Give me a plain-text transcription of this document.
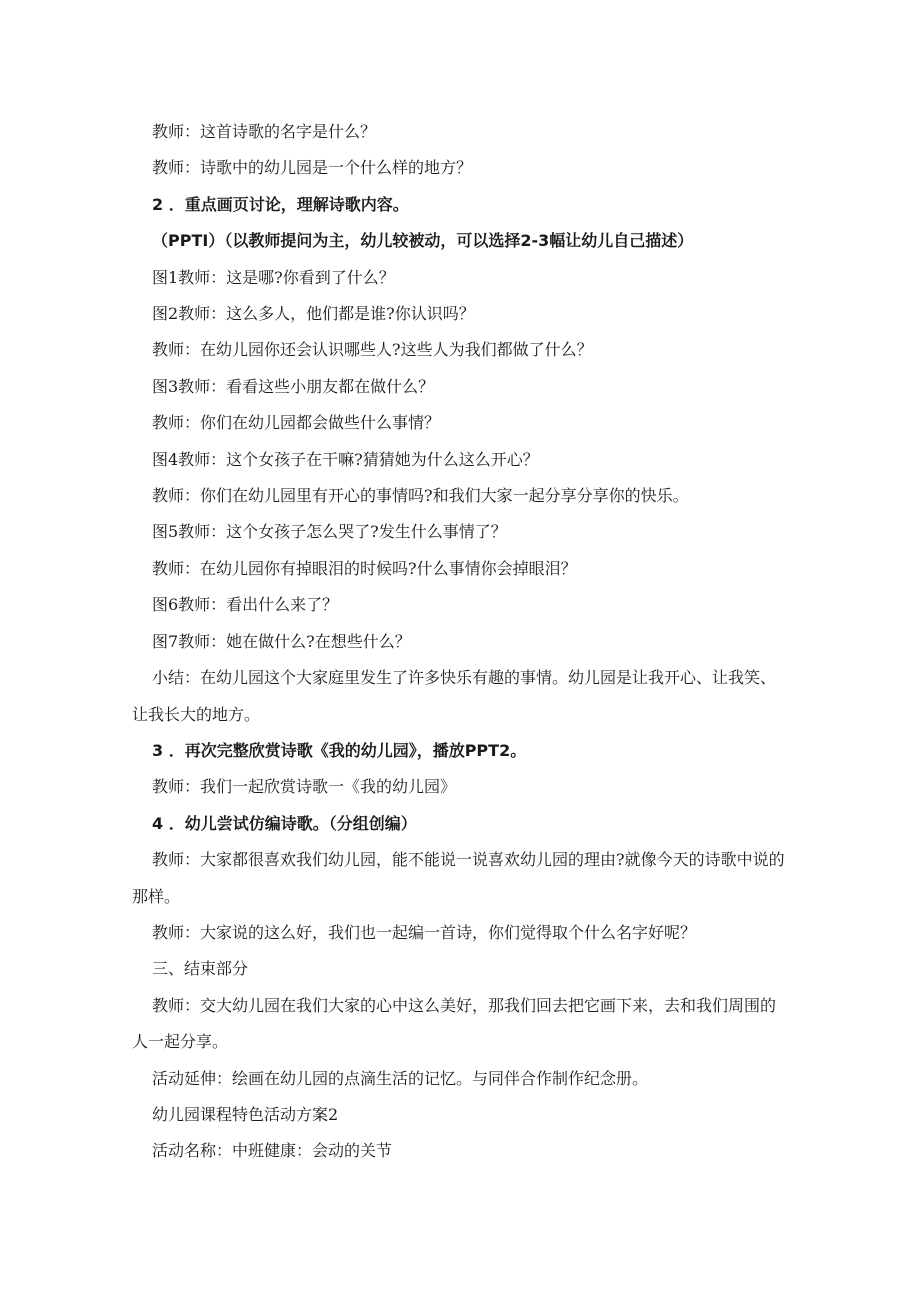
教师：这首诗歌的名字是什么？

教师：诗歌中的幼儿园是一个什么样的地方？

2 ．重点画页讨论，理解诗歌内容。

（PPTI）（以教师提问为主，幼儿较被动，可以选择2-3幅让幼儿自己描述）

图1教师：这是哪?你看到了什么？

图2教师：这么多人，他们都是谁?你认识吗？

教师：在幼儿园你还会认识哪些人?这些人为我们都做了什么？

图3教师：看看这些小朋友都在做什么？

教师：你们在幼儿园都会做些什么事情？

图4教师：这个女孩子在干嘛?猜猜她为什么这么开心？

教师：你们在幼儿园里有开心的事情吗?和我们大家一起分享分享你的快乐。

图5教师：这个女孩子怎么哭了?发生什么事情了？

教师：在幼儿园你有掉眼泪的时候吗?什么事情你会掉眼泪？

图6教师：看出什么来了？

图7教师：她在做什么?在想些什么？

小结：在幼儿园这个大家庭里发生了许多快乐有趣的事情。幼儿园是让我开心、让我笑、让我长大的地方。

3 ．再次完整欣赏诗歌《我的幼儿园》，播放PPT2。

教师：我们一起欣赏诗歌一《我的幼儿园》

4 ．幼儿尝试仿编诗歌。（分组创编）

教师：大家都很喜欢我们幼儿园，能不能说一说喜欢幼儿园的理由?就像今天的诗歌中说的那样。

教师：大家说的这么好，我们也一起编一首诗，你们觉得取个什么名字好呢？

三、结束部分

教师：交大幼儿园在我们大家的心中这么美好，那我们回去把它画下来，去和我们周围的人一起分享。

活动延伸：绘画在幼儿园的点滴生活的记忆。与同伴合作制作纪念册。

幼儿园课程特色活动方案2

活动名称：中班健康：会动的关节
